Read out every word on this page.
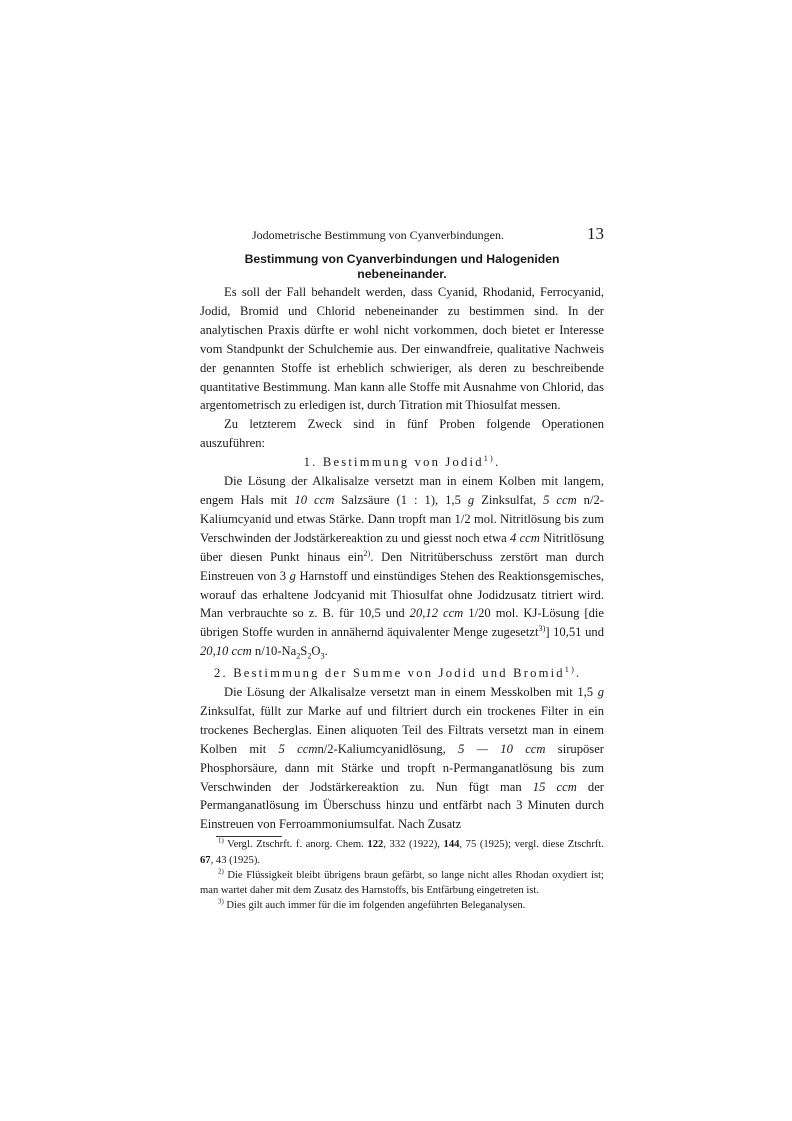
Jodometrische Bestimmung von Cyanverbindungen.	13
Bestimmung von Cyanverbindungen und Halogeniden nebeneinander.

Es soll der Fall behandelt werden, dass Cyanid, Rhodanid, Ferrocyanid, Jodid, Bromid und Chlorid nebeneinander zu bestimmen sind. In der analytischen Praxis dürfte er wohl nicht vorkommen, doch bietet er Interesse vom Standpunkt der Schulchemie aus. Der einwandfreie, qualitative Nachweis der genannten Stoffe ist erheblich schwieriger, als deren zu beschreibende quantitative Bestimmung. Man kann alle Stoffe mit Ausnahme von Chlorid, das argentometrisch zu erledigen ist, durch Titration mit Thiosulfat messen.

Zu letzterem Zweck sind in fünf Proben folgende Operationen auszuführen:

1. Bestimmung von Jodid$^{1)}$.

Die Lösung der Alkalisalze versetzt man in einem Kolben mit langem, engem Hals mit 10 ccm Salzsäure (1 : 1), 1,5 g Zinksulfat, 5 ccm n/2-Kaliumcyanid und etwas Stärke. Dann tropft man 1/2 mol. Nitritlösung bis zum Verschwinden der Jodstärkereaktion zu und giesst noch etwa 4 ccm Nitritlösung über diesen Punkt hinaus ein$^{2)}$. Den Nitritüberschuss zerstört man durch Einstreuen von 3 g Harnstoff und einstündiges Stehen des Reaktionsgemisches, worauf das erhaltene Jodcyanid mit Thiosulfat ohne Jodidzusatz titriert wird. Man verbrauchte so z. B. für 10,5 und 20,12 ccm 1/20 mol. KJ-Lösung [die übrigen Stoffe wurden in annähernd äquivalenter Menge zugesetzt$^{3)}$] 10,51 und 20,10 ccm $n/10-Na_2S_2O_3$.

2. Bestimmung der Summe von Jodid und Bromid$^{1)}$.

Die Lösung der Alkalisalze versetzt man in einem Messkolben mit 1,5 g Zinksulfat, füllt zur Marke auf und filtriert durch ein trockenes Filter in ein trockenes Becherglas. Einen aliquoten Teil des Filtrats versetzt man in einem Kolben mit 5 ccmn/2-Kaliumcyanidlösung, 5 — 10 ccm sirupöser Phosphorsäure, dann mit Stärke und tropft n-Permanganatlösung bis zum Verschwinden der Jodstärkereaktion zu. Nun fügt man 15 ccm der Permanganatlösung im Überschuss hinzu und entfärbt nach 3 Minuten durch Einstreuen von Ferroammoniumsulfat. Nach Zusatz

$^{1)}$ Vergl. Ztschrft. f. anorg. Chem. 122, 332 (1922), 144, 75 (1925); vergl. diese Ztschrft. 67, 43 (1925).

$^{2)}$ Die Flüssigkeit bleibt übrigens braun gefärbt, so lange nicht alles Rhodan oxydiert ist; man wartet daher mit dem Zusatz des Harnstoffs, bis Entfärbung eingetreten ist.

$^{3)}$ Dies gilt auch immer für die im folgenden angeführten Beleganalysen.
